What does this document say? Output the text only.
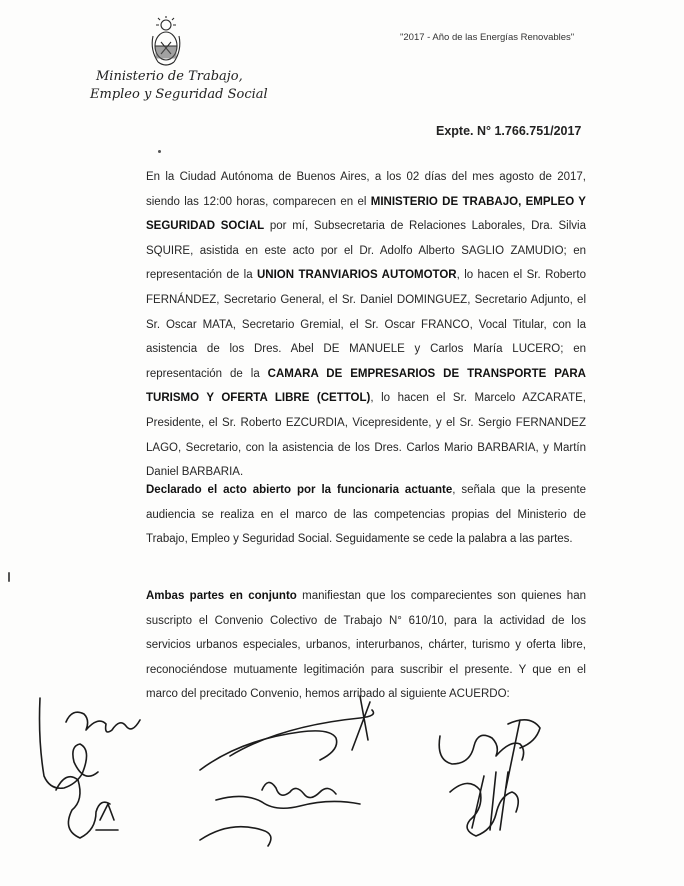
Ministerio de Trabajo,
Empleo y Seguridad Social
"2017 - Año de las Energías Renovables"
Expte. N° 1.766.751/2017
En la Ciudad Autónoma de Buenos Aires, a los 02 días del mes agosto de 2017, siendo las 12:00 horas, comparecen en el MINISTERIO DE TRABAJO, EMPLEO Y SEGURIDAD SOCIAL por mí, Subsecretaria de Relaciones Laborales, Dra. Silvia SQUIRE, asistida en este acto por el Dr. Adolfo Alberto SAGLIO ZAMUDIO; en representación de la UNION TRANVIARIOS AUTOMOTOR, lo hacen el Sr. Roberto FERNÁNDEZ, Secretario General, el Sr. Daniel DOMINGUEZ, Secretario Adjunto, el Sr. Oscar MATA, Secretario Gremial, el Sr. Oscar FRANCO, Vocal Titular, con la asistencia de los Dres. Abel DE MANUELE y Carlos María LUCERO; en representación de la CAMARA DE EMPRESARIOS DE TRANSPORTE PARA TURISMO Y OFERTA LIBRE (CETTOL), lo hacen el Sr. Marcelo AZCARATE, Presidente, el Sr. Roberto EZCURDIA, Vicepresidente, y el Sr. Sergio FERNANDEZ LAGO, Secretario, con la asistencia de los Dres. Carlos Mario BARBARIA, y Martín Daniel BARBARIA.
Declarado el acto abierto por la funcionaria actuante, señala que la presente audiencia se realiza en el marco de las competencias propias del Ministerio de Trabajo, Empleo y Seguridad Social. Seguidamente se cede la palabra a las partes.
Ambas partes en conjunto manifiestan que los comparecientes son quienes han suscripto el Convenio Colectivo de Trabajo N° 610/10, para la actividad de los servicios urbanos especiales, urbanos, interurbanos, chárter, turismo y oferta libre, reconociéndose mutuamente legitimación para suscribir el presente. Y que en el marco del precitado Convenio, hemos arribado al siguiente ACUERDO:
